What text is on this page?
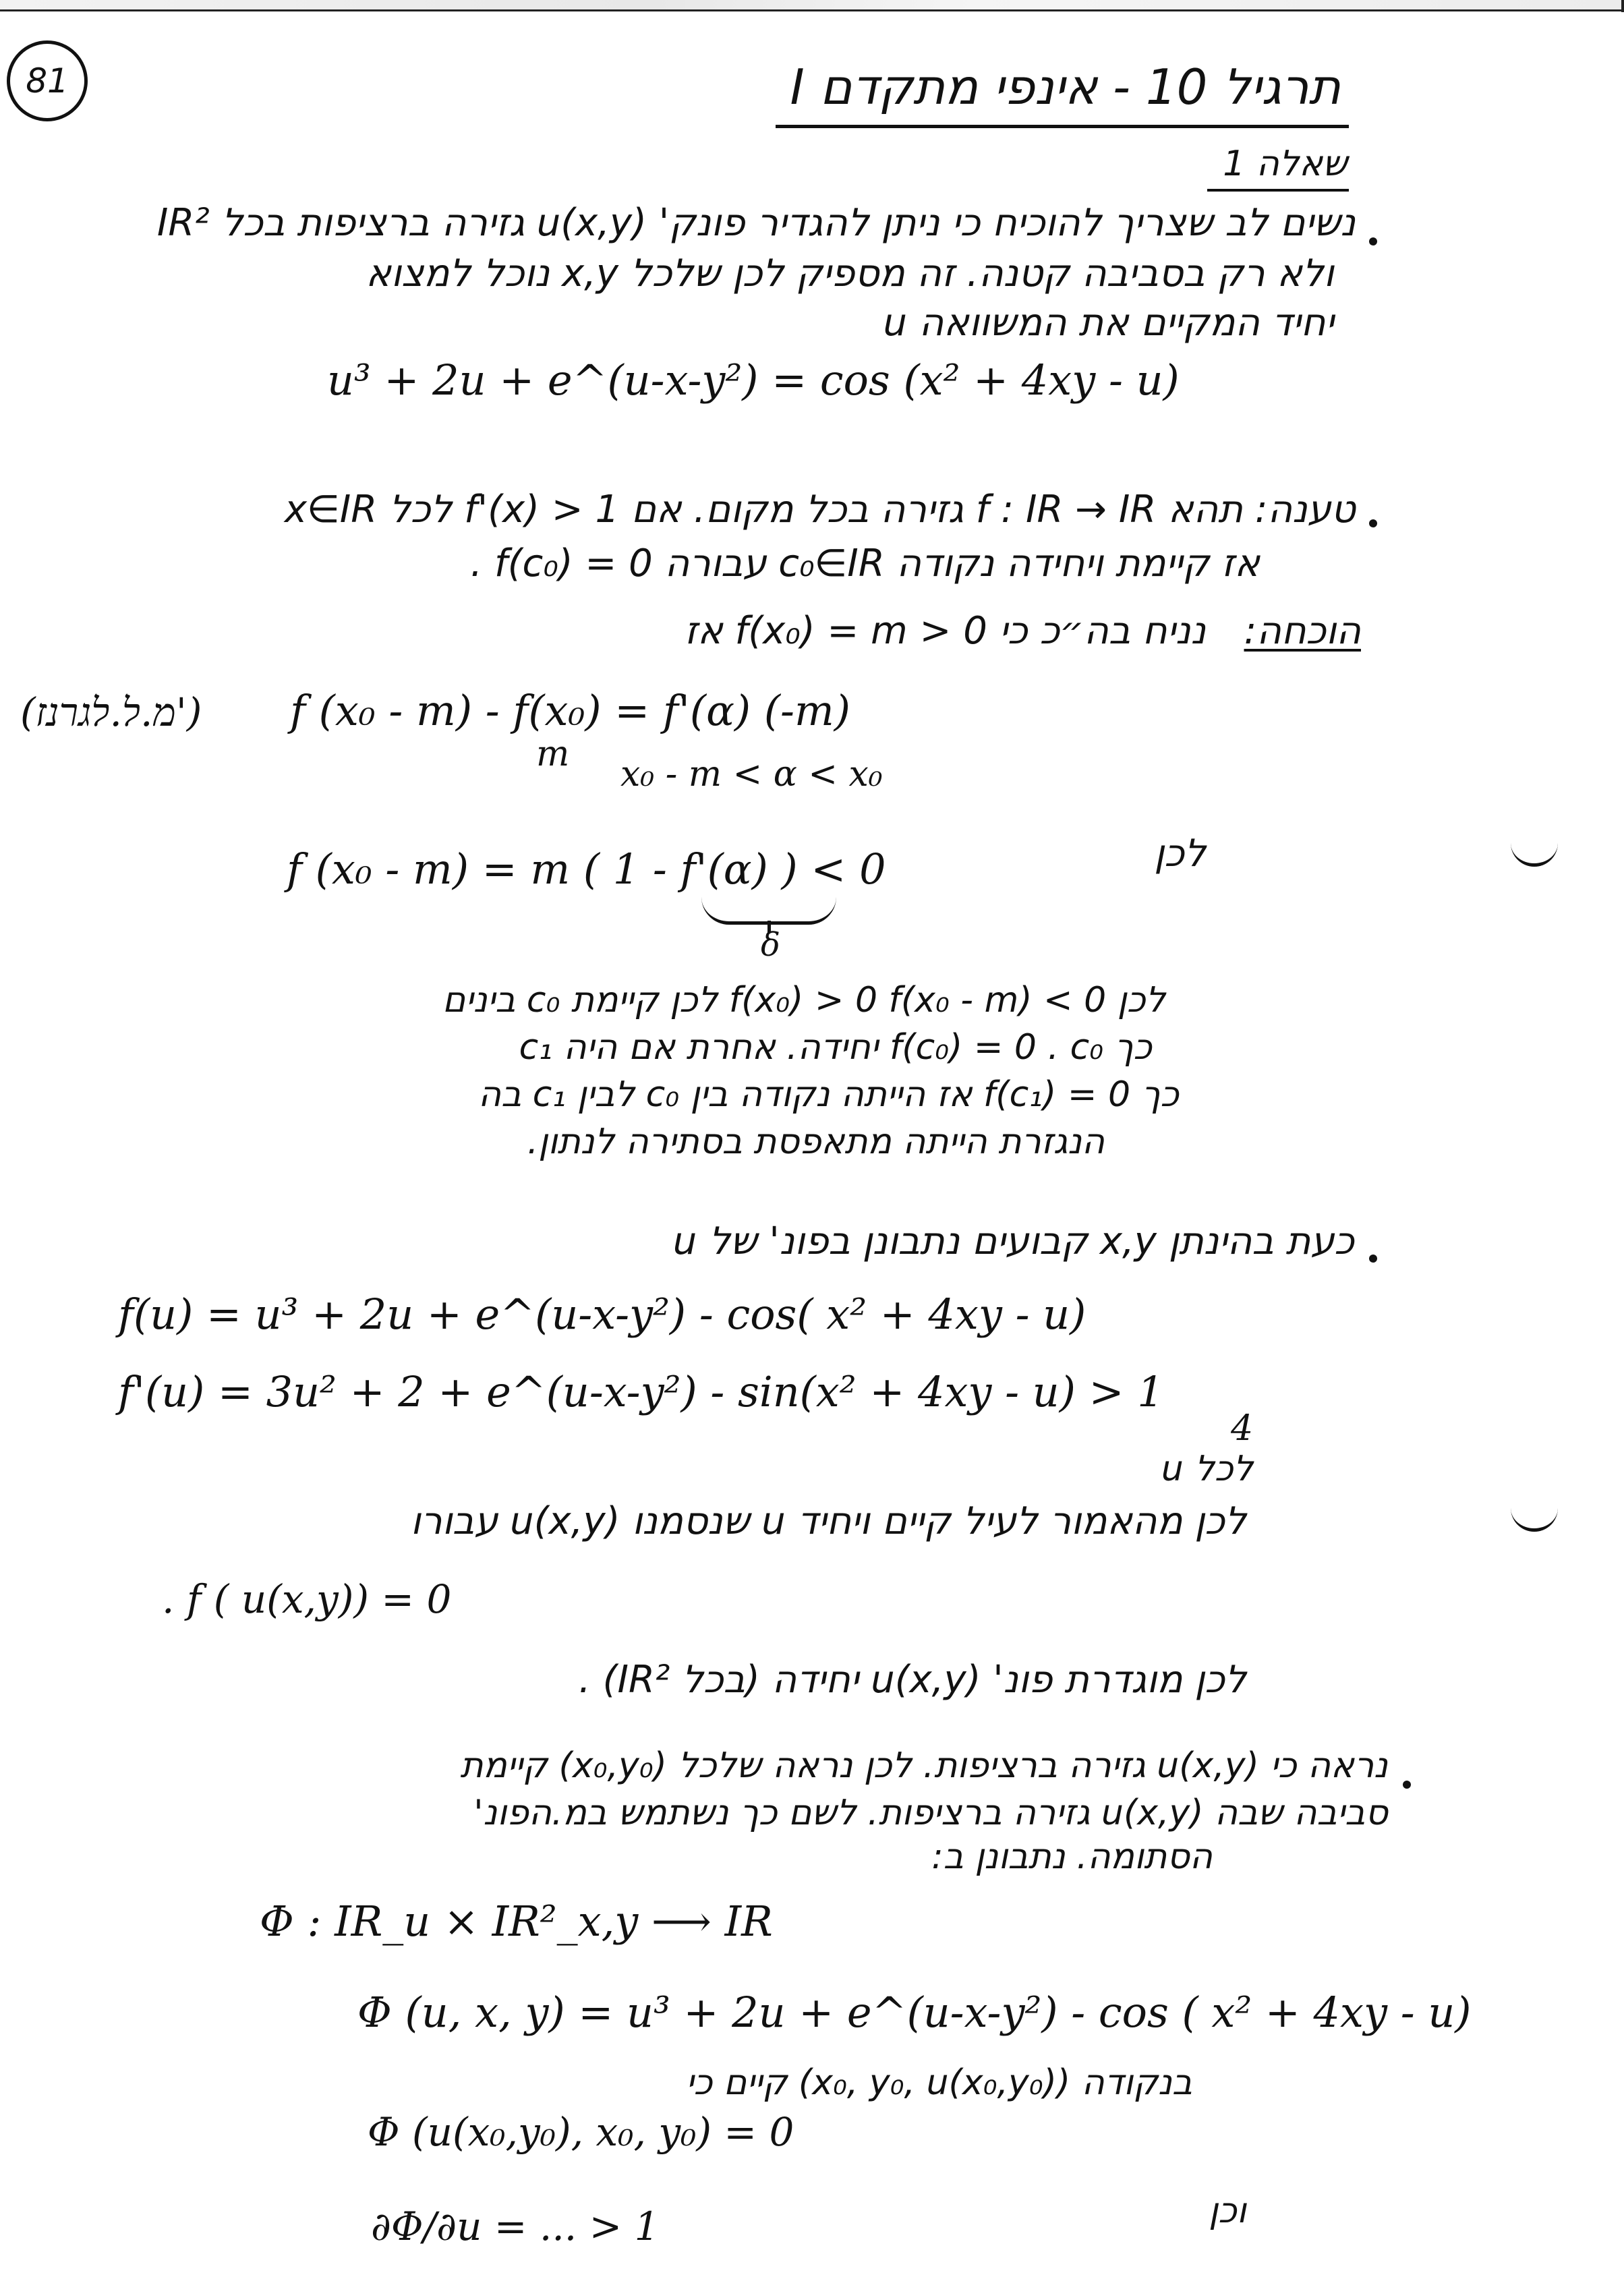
81	תרגיל 10 - אינפי מתקדם I
שאלה 1
נשים לב שצריך להוכיח כי ניתן להגדיר פונק' u(x,y) גזירה ברציפות בכל IR²
ולא רק בסביבה קטנה. זה מספיק לכן שלכל x,y נוכל למצוא
u יחיד המקיים את המשוואה
u³ + 2u + e^(u-x-y²) = cos (x² + 4xy - u)
טענה: תהא f : IR → IR גזירה בכל מקום. אם f'(x) > 1 לכל x∈IR
אז קיימת ויחידה נקודה c₀∈IR עבורה f(c₀) = 0 .
הוכחה:
נניח בה״כ כי f(x₀) = m > 0 אז
(מ.ל.לגרנז') f (x₀ - m) - f(x₀) = f'(α) (-m)
m x₀ - m < α < x₀
לכן
f (x₀ - m) = m ( 1 - f'(α) ) < 0
δ
לכן f(x₀) > 0 f(x₀ - m) < 0 לכן קיימת c₀ בינים
כך f(c₀) = 0 . c₀ יחידה. אחרת אם היה c₁
כך f(c₁) = 0 אז הייתה נקודה בין c₀ לבין c₁ בה
הנגזרת הייתה מתאפסת בסתירה לנתון.
כעת בהינתן x,y קבועים נתבונן בפונ' של u
f(u) = u³ + 2u + e^(u-x-y²) - cos( x² + 4xy - u)
f'(u) = 3u² + 2 + e^(u-x-y²) - sin(x² + 4xy - u) > 1
4
לכל u
לכן מהאמור לעיל קיים ויחיד u שנסמנו u(x,y) עבורו
. f ( u(x,y)) = 0
לכן מוגדרת פונ' u(x,y) יחידה (בכל IR²) .
נראה כי u(x,y) גזירה ברציפות. לכן נראה שלכל (x₀,y₀) קיימת
סביבה שבה u(x,y) גזירה ברציפות. לשם כך נשתמש במ.הפונ'
הסתומה. נתבונן ב:
Φ : IR_u × IR²_x,y ⟶ IR
Φ (u, x, y) = u³ + 2u + e^(u-x-y²) - cos ( x² + 4xy - u)
בנקודה (x₀, y₀, u(x₀,y₀)) קיים כי
Φ (u(x₀,y₀), x₀, y₀) = 0
וכן
∂Φ/∂u = ... > 1
